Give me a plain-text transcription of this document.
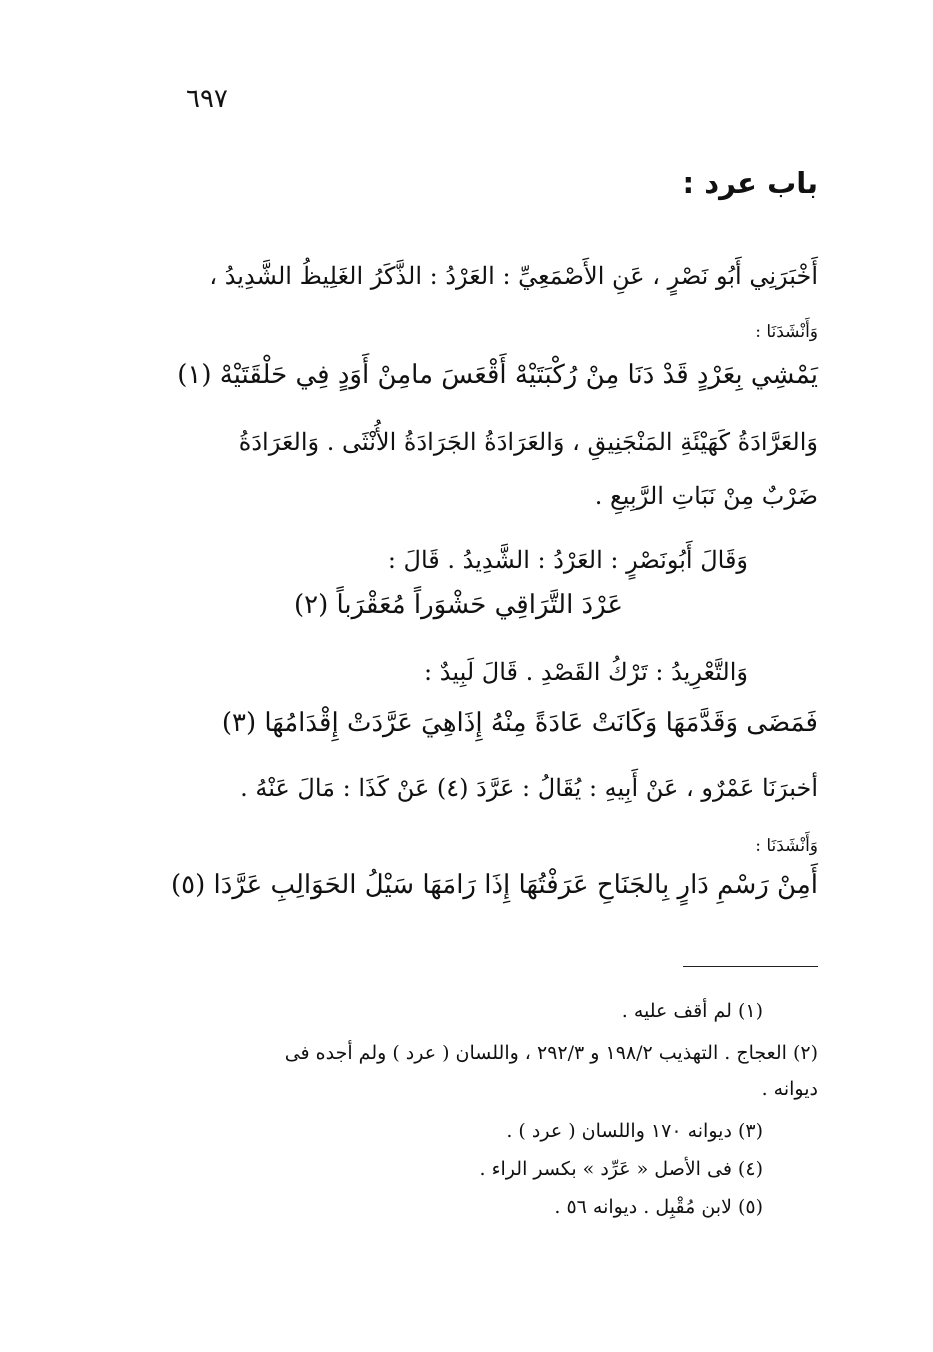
٦٩٧
باب عرد :
أَخْبَرَنِي أَبُو نَصْرٍ ، عَنِ الأَصْمَعِيِّ : العَرْدُ : الذَّكَرُ الغَلِيظُ الشَّدِيدُ ،
وَأَنْشَدَنَا :
يَمْشِي بِعَرْدٍ قَدْ دَنَا مِنْ رُكْبَتَيْهْ أَقْعَسَ مامِنْ أَوَدٍ فِي حَلْقَتَيْهْ (١)
وَالعَرَّادَةُ كَهَيْئَةِ المَنْجَنِيقِ ، وَالعَرَادَةُ الجَرَادَةُ الأُنْثَى . وَالعَرَادَةُ
ضَرْبٌ مِنْ نَبَاتِ الرَّبِيعِ .
وَقَالَ أَبُونَصْرٍ : العَرْدُ : الشَّدِيدُ . قَالَ :
عَرْدَ التَّرَاقِي حَشْوَراً مُعَقْرَباً (٢)
وَالتَّعْرِيدُ : تَرْكُ القَصْدِ . قَالَ لَبِيدٌ :
فَمَضَى وَقَدَّمَهَا وَكَانَتْ عَادَةً مِنْهُ إِذَاهِيَ عَرَّدَتْ إِقْدَامُهَا (٣)
أخبرَنَا عَمْرٌو ، عَنْ أَبِيهِ : يُقَالُ : عَرَّدَ (٤) عَنْ كَذَا : مَالَ عَنْهُ .
وَأَنْشَدَنَا :
أَمِنْ رَسْمِ دَارٍ بِالجَنَاحِ عَرَفْتُهَا إِذَا رَامَهَا سَيْلُ الحَوَالِبِ عَرَّدَا (٥)
(١) لم أقف عليه .
(٢) العجاج . التهذيب ١٩٨/٢ و ٢٩٢/٣ ، واللسان ( عرد ) ولم أجده فى
ديوانه .
(٣) ديوانه ١٧٠ واللسان ( عرد ) .
(٤) فى الأصل « عَرِّد » بكسر الراء .
(٥) لابن مُقْبِل . ديوانه ٥٦ .
